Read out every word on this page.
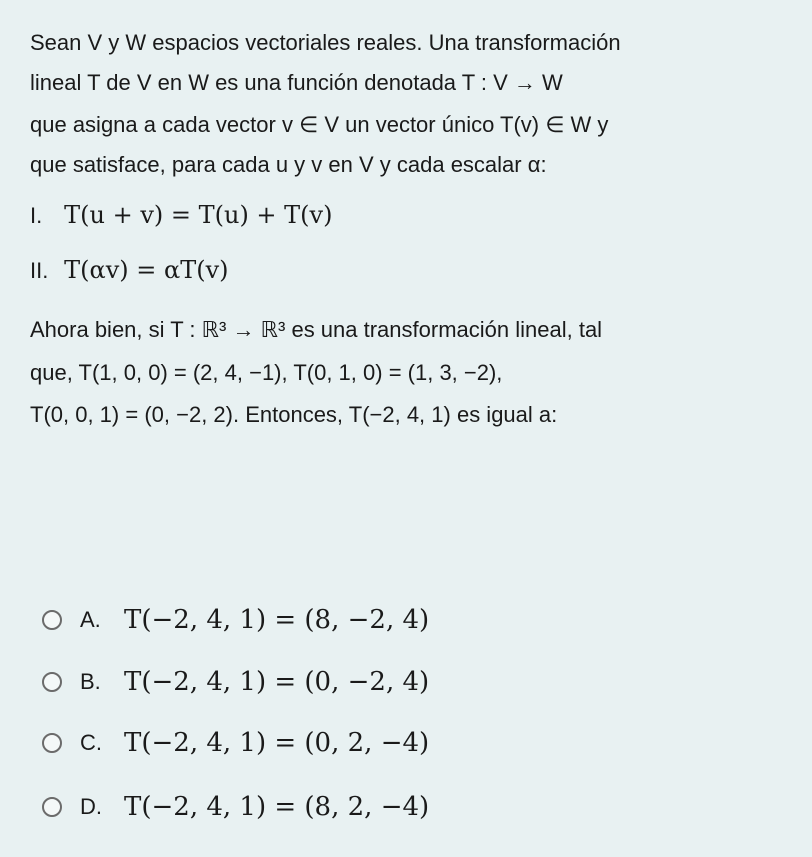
Sean V y W espacios vectoriales reales. Una transformación
lineal T de V en W es una función denotada T : V → W
que asigna a cada vector v ∈ V un vector único T(v) ∈ W y
que satisface, para cada u y v en V y cada escalar α:
I. T(u + v) = T(u) + T(v)
II. T(αv) = αT(v)
Ahora bien, si T : ℝ³ → ℝ³ es una transformación lineal, tal
que, T(1, 0, 0) = (2, 4, −1), T(0, 1, 0) = (1, 3, −2),
T(0, 0, 1) = (0, −2, 2). Entonces, T(−2, 4, 1) es igual a:
A. T(−2, 4, 1) = (8, −2, 4)
B. T(−2, 4, 1) = (0, −2, 4)
C. T(−2, 4, 1) = (0, 2, −4)
D. T(−2, 4, 1) = (8, 2, −4)
